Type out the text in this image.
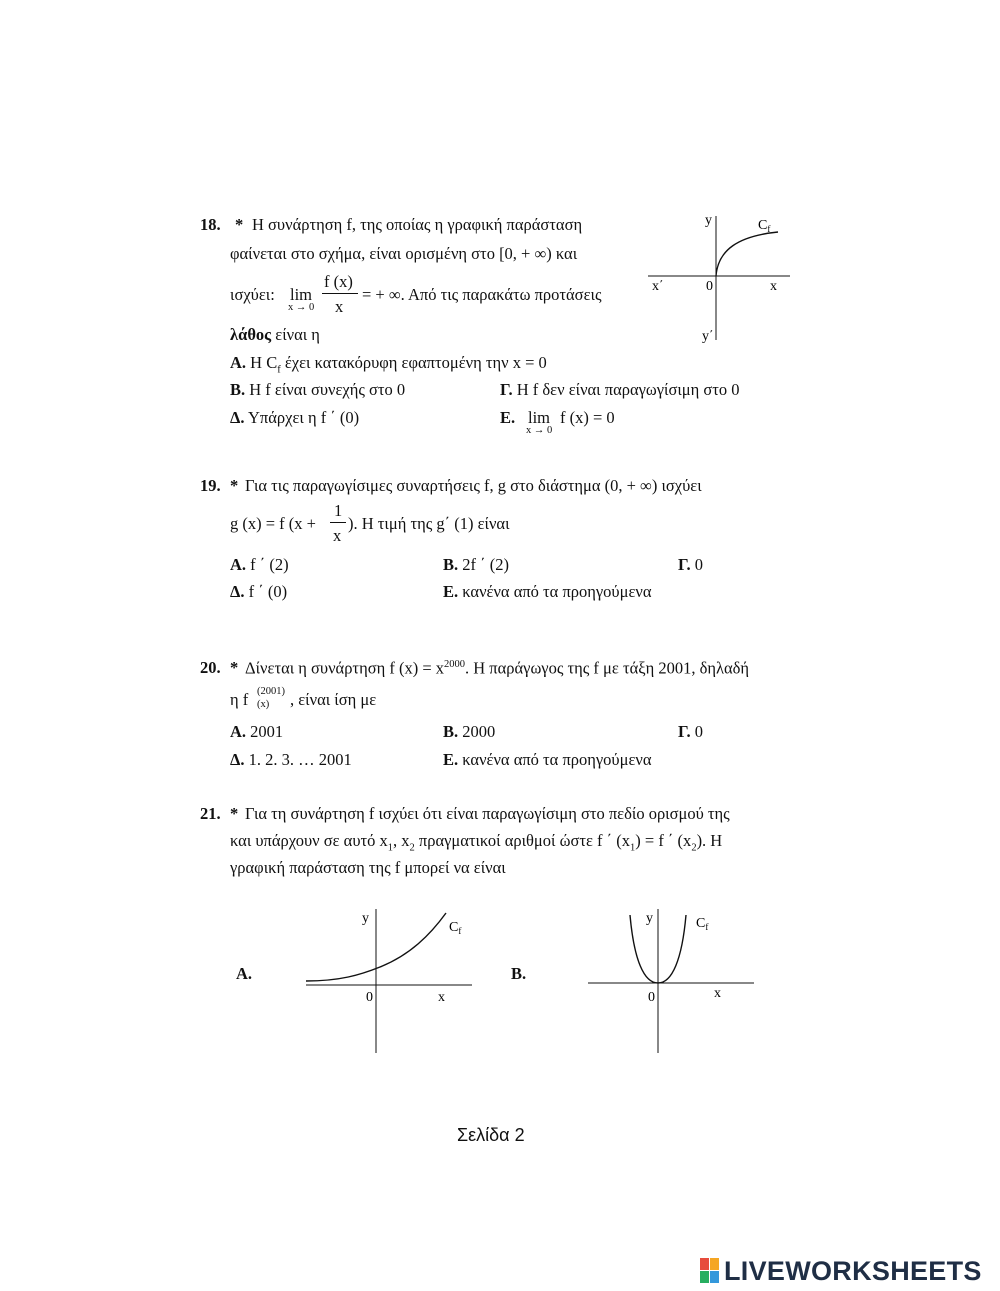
18. * Η συνάρτηση f, της οποίας η γραφική παράσταση
φαίνεται στο σχήμα, είναι ορισμένη στο [0, + ∞) και
ισχύει: lim
x → 0
f (x)
x
= + ∞. Από τις παρακάτω προτάσεις
λάθος είναι η
Α. Η $C_f$ έχει κατακόρυφη εφαπτομένη την x = 0
Β. Η f είναι συνεχής στο 0	Γ. Η f δεν είναι παραγωγίσιμη στο 0
Δ. Υπάρχει η f ΄ (0)	Ε. lim
x → 0
f (x) = 0
y	$C_f$
x΄	0	x
y΄
19. * Για τις παραγωγίσιμες συναρτήσεις f, g στο διάστημα (0, + ∞) ισχύει
g (x) = f (x +
1
x
). Η τιμή της g΄ (1) είναι
Α. f ΄ (2)	Β. 2f ΄ (2)	Γ. 0
Δ. f ΄ (0)	Ε. κανένα από τα προηγούμενα
20. * Δίνεται η συνάρτηση f $(x) = x^{2000}$. Η παράγωγος της f με τάξη 2001, δηλαδή
η f (2001)
(x) , είναι ίση με
Α. 2001	Β. 2000	Γ. 0
Δ. 1. 2. 3. … 2001	Ε. κανένα από τα προηγούμενα
21. * Για τη συνάρτηση f ισχύει ότι είναι παραγωγίσιμη στο πεδίο ορισμού της
και υπάρχουν σε αυτό $x_1$, $x_2$ πραγματικοί αριθμοί ώστε f ΄ $(x_1) = f$ ΄ $(x_2)$. Η
γραφική παράσταση της f μπορεί να είναι
Α.	Β.
y
$C_f$
0	x
y	$C_f$
0	x
Σελίδα 2
LIVEWORKSHEETS
